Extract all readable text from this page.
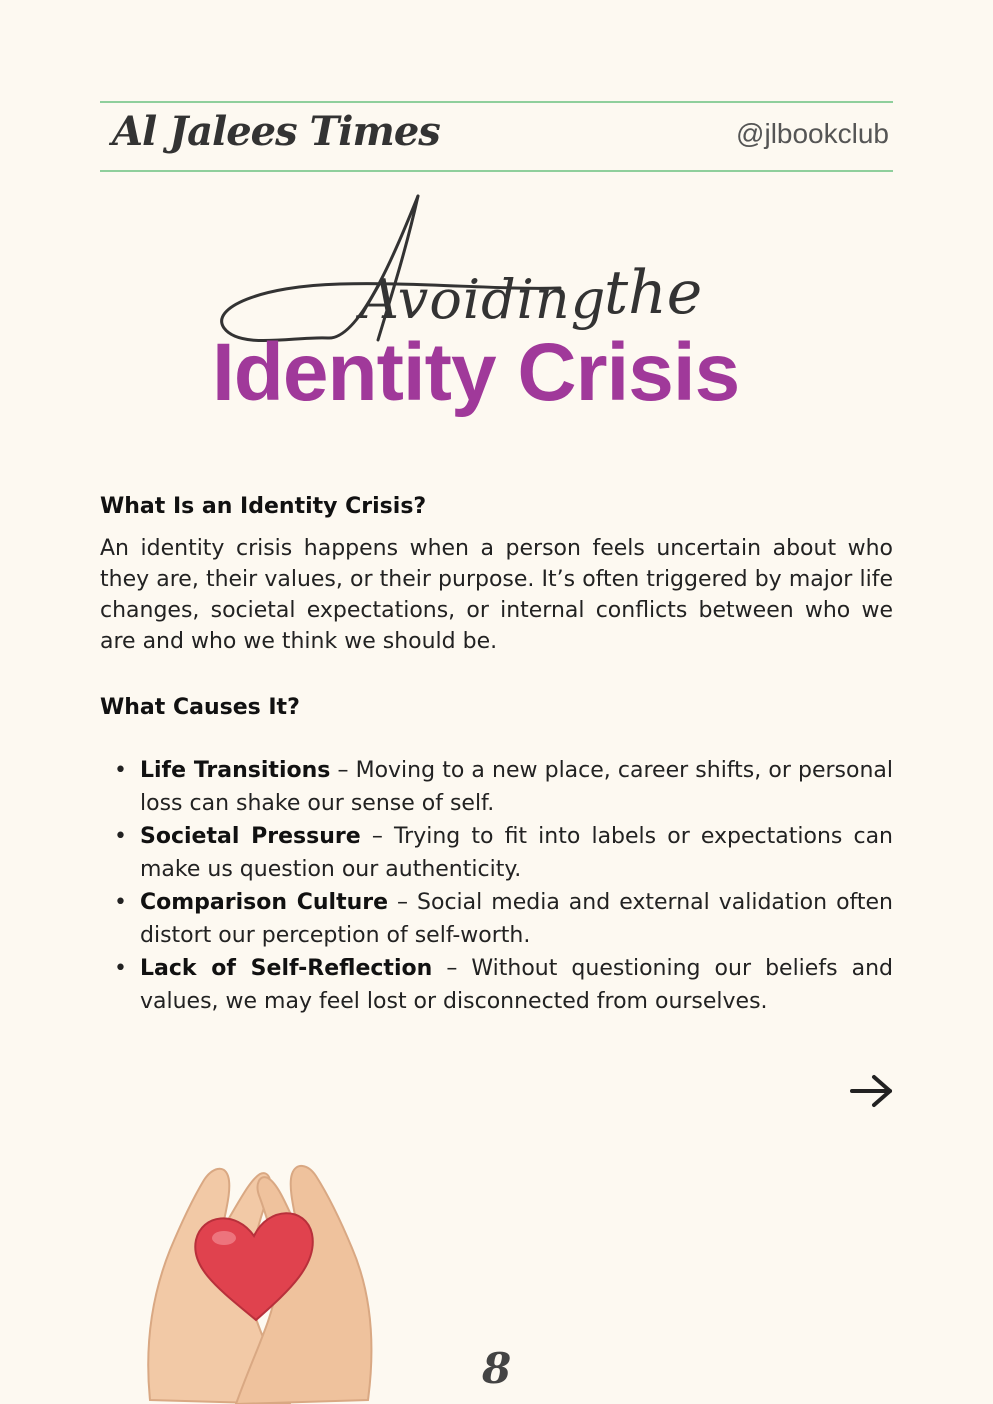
Al Jalees Times	@jlbookclub
Avoiding
the
Identity Crisis
What Is an Identity Crisis?

An identity crisis happens when a person feels uncertain about who they are, their values, or their purpose. It’s often triggered by major life changes, societal expectations, or internal conflicts between who we are and who we think we should be.

What Causes It?
• Life Transitions – Moving to a new place, career shifts, or personal loss can shake our sense of self.
• Societal Pressure – Trying to fit into labels or expectations can make us question our authenticity.
• Comparison Culture – Social media and external validation often distort our perception of self-worth.
• Lack of Self-Reflection – Without questioning our beliefs and values, we may feel lost or disconnected from ourselves.
8
